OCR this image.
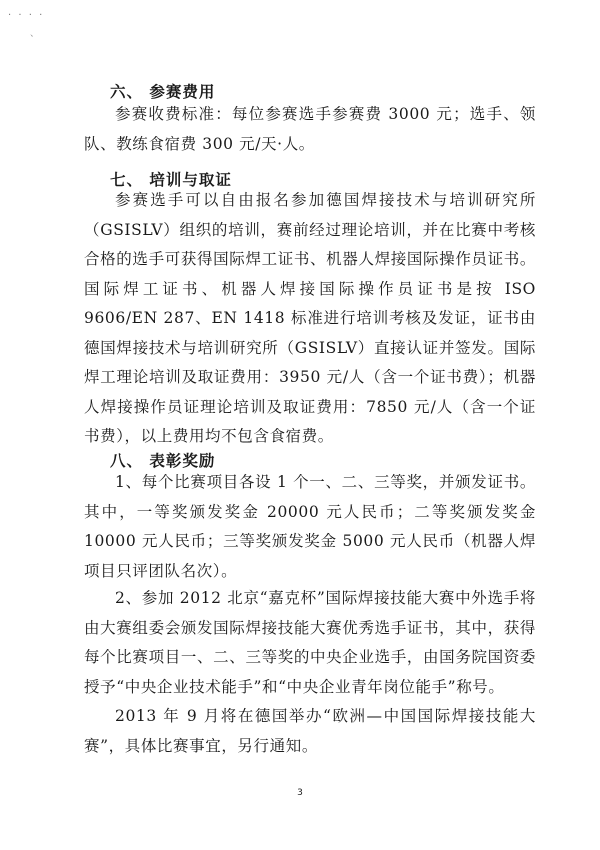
· · · ·
、
六、 参赛费用

参赛收费标准：每位参赛选手参赛费 3000 元；选手、领队、教练食宿费 300 元/天·人。

七、 培训与取证

参赛选手可以自由报名参加德国焊接技术与培训研究所（GSISLV）组织的培训，赛前经过理论培训，并在比赛中考核合格的选手可获得国际焊工证书、机器人焊接国际操作员证书。国际焊工证书、机器人焊接国际操作员证书是按 ISO 9606/EN 287、EN 1418 标准进行培训考核及发证，证书由德国焊接技术与培训研究所（GSISLV）直接认证并签发。国际焊工理论培训及取证费用：3950 元/人（含一个证书费）；机器人焊接操作员证理论培训及取证费用：7850 元/人（含一个证书费），以上费用均不包含食宿费。

八、 表彰奖励

1、每个比赛项目各设 1 个一、二、三等奖，并颁发证书。其中，一等奖颁发奖金 20000 元人民币；二等奖颁发奖金 10000 元人民币；三等奖颁发奖金 5000 元人民币（机器人焊项目只评团队名次）。

2、参加 2012 北京“嘉克杯”国际焊接技能大赛中外选手将由大赛组委会颁发国际焊接技能大赛优秀选手证书，其中，获得每个比赛项目一、二、三等奖的中央企业选手，由国务院国资委授予“中央企业技术能手”和“中央企业青年岗位能手”称号。

2013 年 9 月将在德国举办“欧洲—中国国际焊接技能大赛”，具体比赛事宜，另行通知。

3
